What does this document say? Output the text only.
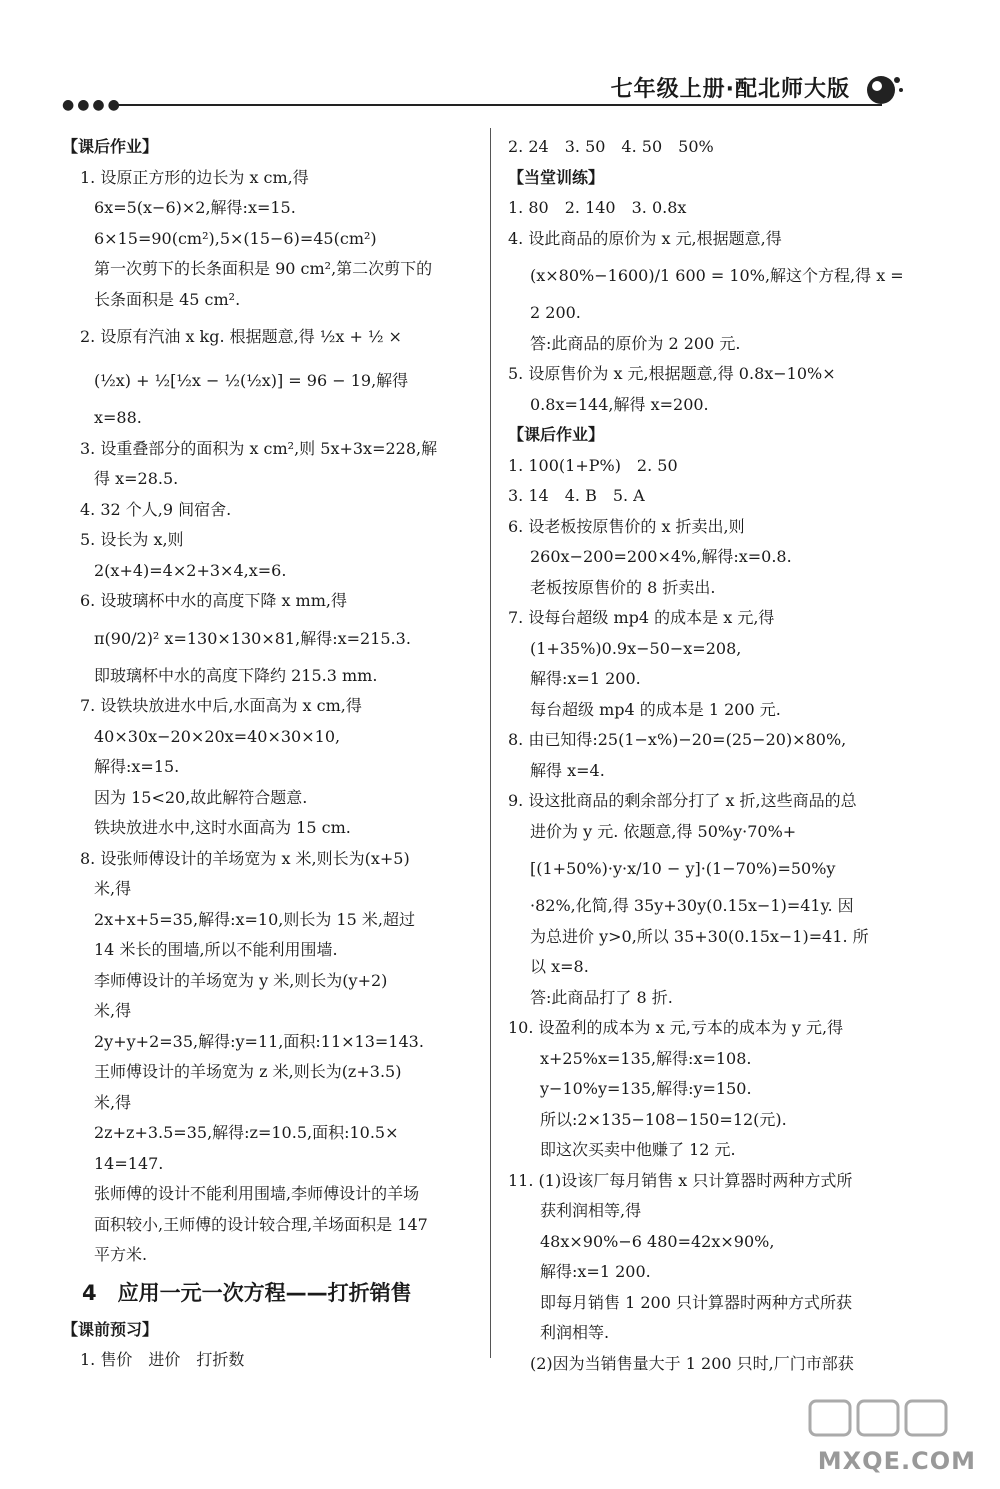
●●●●
七年级上册·配北师大版
【课后作业】
1. 设原正方形的边长为 x cm,得
6x=5(x−6)×2,解得:x=15.
6×15=90(cm²),5×(15−6)=45(cm²)
第一次剪下的长条面积是 90 cm²,第二次剪下的
长条面积是 45 cm².
2. 设原有汽油 x kg. 根据题意,得 ½x + ½ ×
(½x) + ½[½x − ½(½x)] = 96 − 19,解得
x=88.
3. 设重叠部分的面积为 x cm²,则 5x+3x=228,解
得 x=28.5.
4. 32 个人,9 间宿舍.
5. 设长为 x,则
2(x+4)=4×2+3×4,x=6.
6. 设玻璃杯中水的高度下降 x mm,得
π(90/2)² x=130×130×81,解得:x=215.3.
即玻璃杯中水的高度下降约 215.3 mm.
7. 设铁块放进水中后,水面高为 x cm,得
40×30x−20×20x=40×30×10,
解得:x=15.
因为 15<20,故此解符合题意.
铁块放进水中,这时水面高为 15 cm.
8. 设张师傅设计的羊场宽为 x 米,则长为(x+5)
米,得
2x+x+5=35,解得:x=10,则长为 15 米,超过
14 米长的围墙,所以不能利用围墙.
李师傅设计的羊场宽为 y 米,则长为(y+2)
米,得
2y+y+2=35,解得:y=11,面积:11×13=143.
王师傅设计的羊场宽为 z 米,则长为(z+3.5)
米,得
2z+z+3.5=35,解得:z=10.5,面积:10.5×
14=147.
张师傅的设计不能利用围墙,李师傅设计的羊场
面积较小,王师傅的设计较合理,羊场面积是 147
平方米.
4　应用一元一次方程——打折销售
【课前预习】
1. 售价　进价　打折数
2. 24　3. 50　4. 50　50%
【当堂训练】
1. 80　2. 140　3. 0.8x
4. 设此商品的原价为 x 元,根据题意,得
(x×80%−1600)/1 600 = 10%,解这个方程,得 x =
2 200.
答:此商品的原价为 2 200 元.
5. 设原售价为 x 元,根据题意,得 0.8x−10%×
0.8x=144,解得 x=200.
【课后作业】
1. 100(1+P%)　2. 50
3. 14　4. B　5. A
6. 设老板按原售价的 x 折卖出,则
260x−200=200×4%,解得:x=0.8.
老板按原售价的 8 折卖出.
7. 设每台超级 mp4 的成本是 x 元,得
(1+35%)0.9x−50−x=208,
解得:x=1 200.
每台超级 mp4 的成本是 1 200 元.
8. 由已知得:25(1−x%)−20=(25−20)×80%,
解得 x=4.
9. 设这批商品的剩余部分打了 x 折,这些商品的总
进价为 y 元. 依题意,得 50%y·70%+
[(1+50%)·y·x/10 − y]·(1−70%)=50%y
·82%,化简,得 35y+30y(0.15x−1)=41y. 因
为总进价 y>0,所以 35+30(0.15x−1)=41. 所
以 x=8.
答:此商品打了 8 折.
10. 设盈利的成本为 x 元,亏本的成本为 y 元,得
x+25%x=135,解得:x=108.
y−10%y=135,解得:y=150.
所以:2×135−108−150=12(元).
即这次买卖中他赚了 12 元.
11. (1)设该厂每月销售 x 只计算器时两种方式所
获利润相等,得
48x×90%−6 480=42x×90%,
解得:x=1 200.
即每月销售 1 200 只计算器时两种方式所获
利润相等.
(2)因为当销售量大于 1 200 只时,厂门市部获
MXQE.COM
